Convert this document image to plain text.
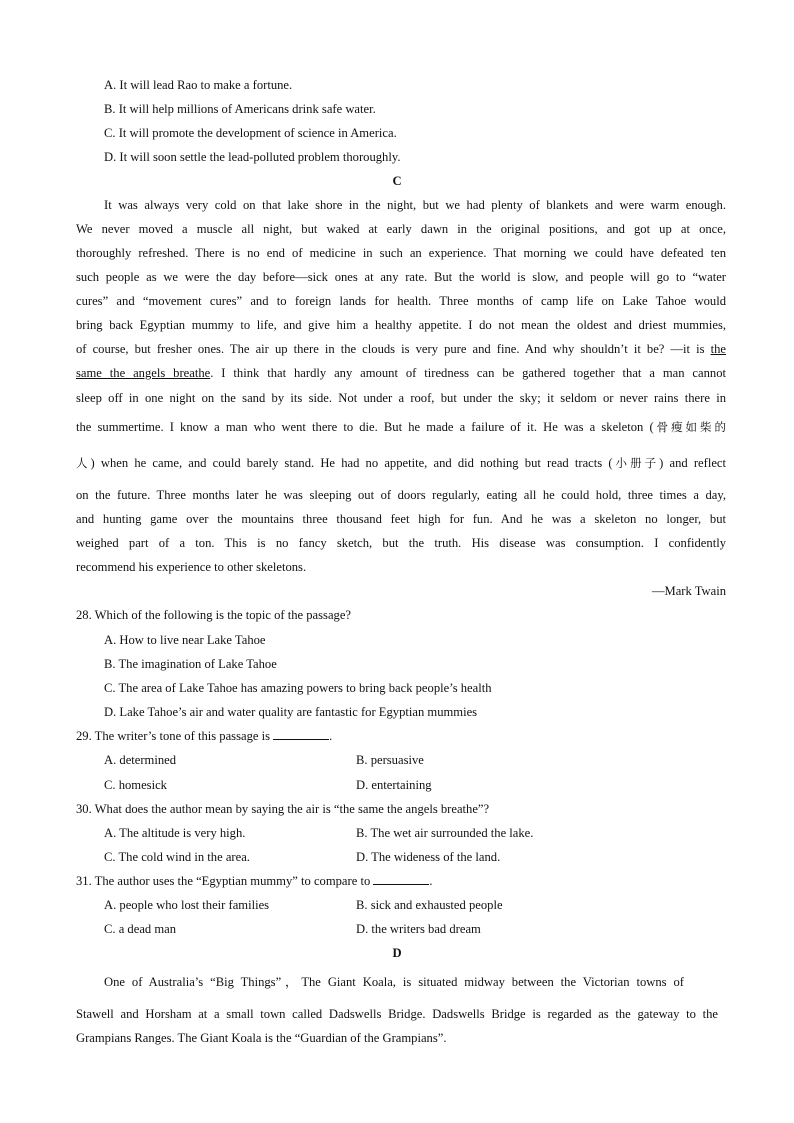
A. It will lead Rao to make a fortune.
B. It will help millions of Americans drink safe water.
C. It will promote the development of science in America.
D. It will soon settle the lead-polluted problem thoroughly.
C
It was always very cold on that lake shore in the night, but we had plenty of blankets and were warm enough.
We never moved a muscle all night, but waked at early dawn in the original positions, and got up at once,
thoroughly refreshed. There is no end of medicine in such an experience. That morning we could have defeated ten
such people as we were the day before—sick ones at any rate. But the world is slow, and people will go to “water
cures” and “movement cures” and to foreign lands for health. Three months of camp life on Lake Tahoe would
bring back Egyptian mummy to life, and give him a healthy appetite. I do not mean the oldest and driest mummies,
of course, but fresher ones. The air up there in the clouds is very pure and fine. And why shouldn’t it be? —it is the
same the angels breathe. I think that hardly any amount of tiredness can be gathered together that a man cannot
sleep off in one night on the sand by its side. Not under a roof, but under the sky; it seldom or never rains there in
the summertime. I know a man who went there to die. But he made a failure of it. He was a skeleton (骨瘦如柴的
人) when he came, and could barely stand. He had no appetite, and did nothing but read tracts (小册子) and reflect
on the future. Three months later he was sleeping out of doors regularly, eating all he could hold, three times a day,
and hunting game over the mountains three thousand feet high for fun. And he was a skeleton no longer, but
weighed part of a ton. This is no fancy sketch, but the truth. His disease was consumption. I confidently
recommend his experience to other skeletons.
—Mark Twain
28. Which of the following is the topic of the passage?
A. How to live near Lake Tahoe
B. The imagination of Lake Tahoe
C. The area of Lake Tahoe has amazing powers to bring back people’s health
D. Lake Tahoe’s air and water quality are fantastic for Egyptian mummies
29. The writer’s tone of this passage is	.
A. determined	B. persuasive
C. homesick	D. entertaining
30. What does the author mean by saying the air is “the same the angels breathe”?
A. The altitude is very high.	B. The wet air surrounded the lake.
C. The cold wind in the area.	D. The wideness of the land.
31. The author uses the “Egyptian mummy” to compare to	.
A. people who lost their families	B. sick and exhausted people
C. a dead man	D. the writers bad dream
D
One of Australia’s “Big Things”，The Giant Koala, is situated midway between the Victorian towns of
Stawell and Horsham at a small town called Dadswells Bridge. Dadswells Bridge is regarded as the gateway to the
Grampians Ranges. The Giant Koala is the “Guardian of the Grampians”.
